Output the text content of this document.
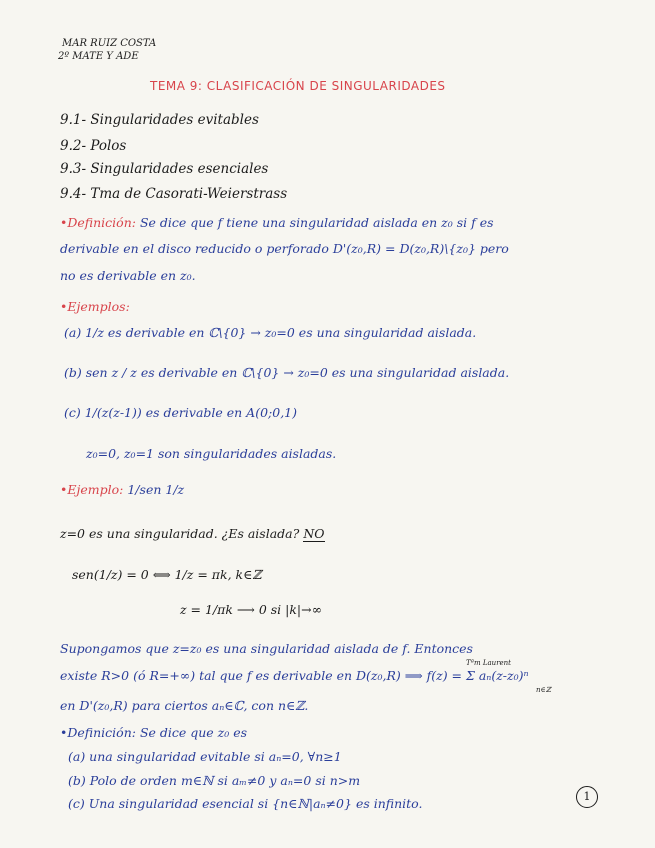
MAR RUIZ COSTA
2º MATE Y ADE
TEMA 9: CLASIFICACIÓN DE SINGULARIDADES
9.1- Singularidades evitables
9.2- Polos
9.3- Singularidades esenciales
9.4- Tma de Casorati-Weierstrass
•Definición: Se dice que f tiene una singularidad aislada en z₀ si f es
derivable en el disco reducido o perforado D'(z₀,R) = D(z₀,R)\{z₀} pero
no es derivable en z₀.
•Ejemplos:
(a) 1/z es derivable en ℂ\{0} → z₀=0 es una singularidad aislada.
(b) sen z / z es derivable en ℂ\{0} → z₀=0 es una singularidad aislada.
(c) 1/(z(z-1)) es derivable en A(0;0,1)
z₀=0, z₀=1 son singularidades aisladas.
•Ejemplo: 1/sen 1/z
z=0 es una singularidad. ¿Es aislada? NO
sen(1/z) = 0 ⟺ 1/z = πk, k∈ℤ
z = 1/πk ⟶ 0 si |k|→∞
Supongamos que z=z₀ es una singularidad aislada de f. Entonces
Tªm Laurent
existe R>0 (ó R=+∞) tal que f es derivable en D(z₀,R) ⟹ f(z) = Σ aₙ(z-z₀)ⁿ
n∈ℤ
en D'(z₀,R) para ciertos aₙ∈ℂ, con n∈ℤ.
•Definición: Se dice que z₀ es
(a) una singularidad evitable si aₙ=0, ∀n≥1
(b) Polo de orden m∈ℕ si aₘ≠0 y aₙ=0 si n>m
(c) Una singularidad esencial si {n∈ℕ|aₙ≠0} es infinito.	1
